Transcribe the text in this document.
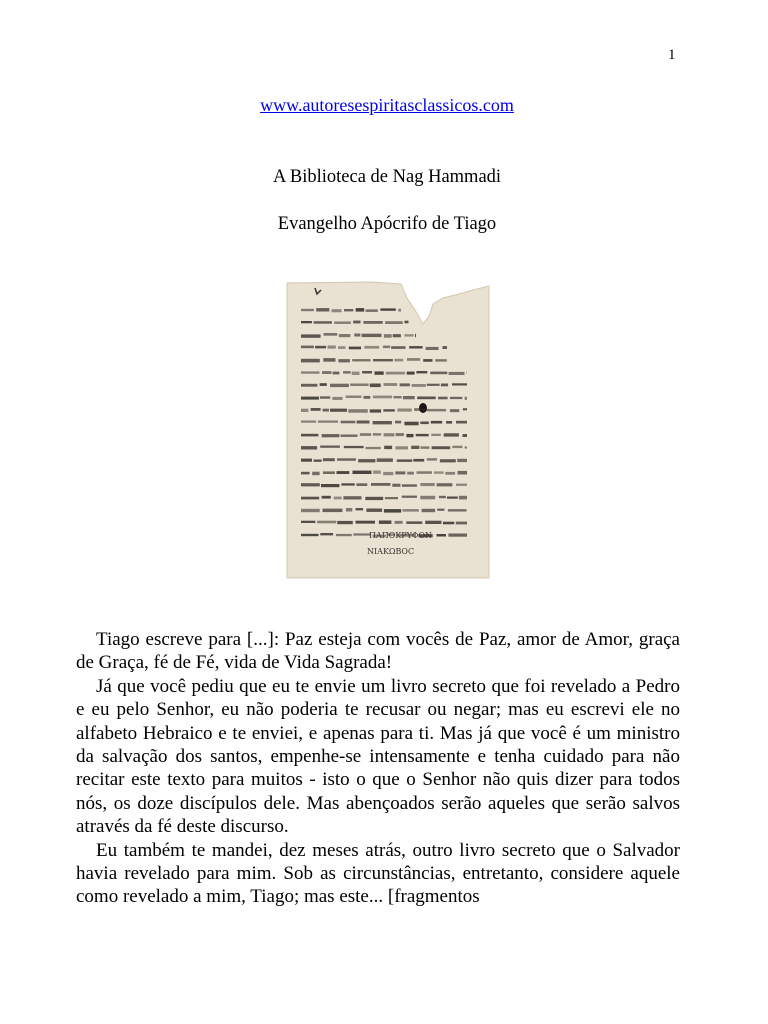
1
www.autoresespiritasclassicos.com
A Biblioteca de Nag Hammadi
Evangelho Apócrifo de Tiago
ΠΑΠΟΚΡΥΦΟΝ
ΝΙΑΚΩΒΟC

Tiago escreve para [...]: Paz esteja com vocês de Paz, amor de Amor, graça de Graça, fé de Fé, vida de Vida Sagrada!

Já que você pediu que eu te envie um livro secreto que foi revelado a Pedro e eu pelo Senhor, eu não poderia te recusar ou negar; mas eu escrevi ele no alfabeto Hebraico e te enviei, e apenas para ti. Mas já que você é um ministro da salvação dos santos, empenhe-se intensamente e tenha cuidado para não recitar este texto para muitos - isto o que o Senhor não quis dizer para todos nós, os doze discípulos dele. Mas abençoados serão aqueles que serão salvos através da fé deste discurso.

Eu também te mandei, dez meses atrás, outro livro secreto que o Salvador havia revelado para mim. Sob as circunstâncias, entretanto, considere aquele como revelado a mim, Tiago; mas este... [fragmentos
